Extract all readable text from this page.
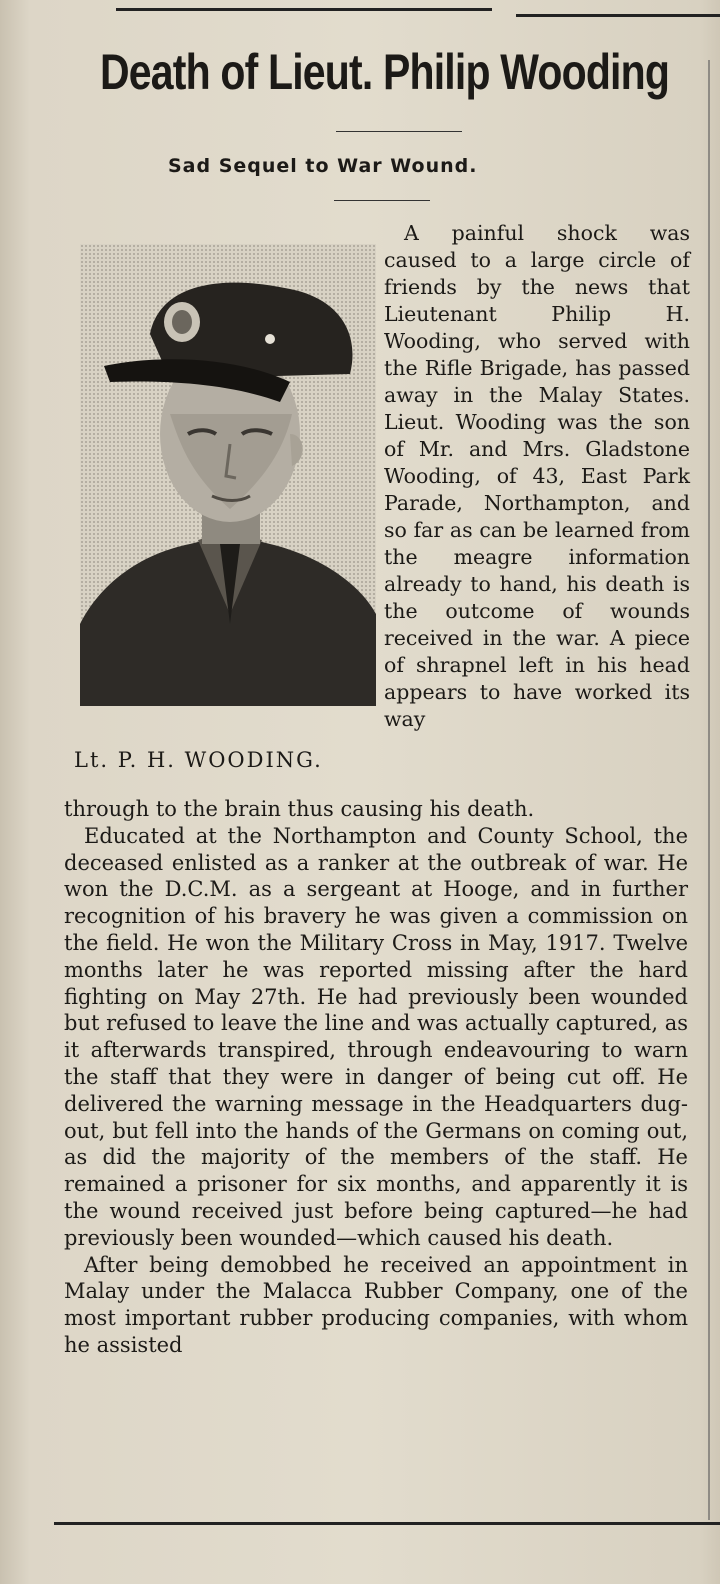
Death of Lieut. Philip Wooding
Sad Sequel to War Wound.
Lt. P. H. WOODING.

A painful shock was caused to a large circle of friends by the news that Lieutenant Philip H. Wooding, who served with the Rifle Brigade, has passed away in the Malay States. Lieut. Wooding was the son of Mr. and Mrs. Gladstone Wooding, of 43, East Park Parade, Northampton, and so far as can be learned from the meagre information already to hand, his death is the outcome of wounds received in the war. A piece of shrapnel left in his head appears to have worked its way

through to the brain thus causing his death.

Educated at the Northampton and County School, the deceased enlisted as a ranker at the outbreak of war. He won the D.C.M. as a sergeant at Hooge, and in further recognition of his bravery he was given a commission on the field. He won the Military Cross in May, 1917. Twelve months later he was reported missing after the hard fighting on May 27th. He had previously been wounded but refused to leave the line and was actually captured, as it afterwards transpired, through endeavouring to warn the staff that they were in danger of being cut off. He delivered the warning message in the Headquarters dug-out, but fell into the hands of the Germans on coming out, as did the majority of the members of the staff. He remained a prisoner for six months, and apparently it is the wound received just before being captured—he had previously been wounded—which caused his death.

After being demobbed he received an appointment in Malay under the Malacca Rubber Company, one of the most important rubber producing companies, with whom he assisted
